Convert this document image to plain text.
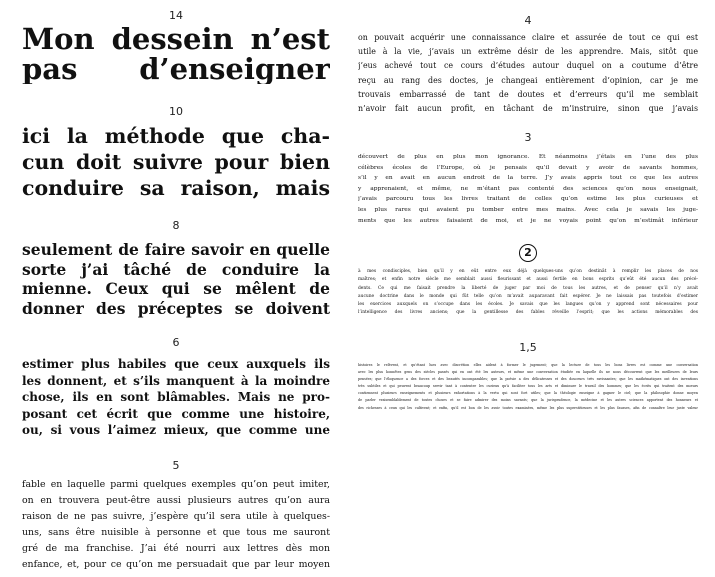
14
Mon dessein n’est
pas d’enseigner
10
ici la méthode que cha-
cun doit suivre pour bien
conduire sa raison, mais
8
seulement de faire savoir en quelle
sorte j’ai tâché de conduire la
mienne. Ceux qui se mêlent de
donner des préceptes se doivent
6
estimer plus habiles que ceux auxquels ils
les donnent, et s’ils manquent à la moindre
chose, ils en sont blâmables. Mais ne pro-
posant cet écrit que comme une histoire,
ou, si vous l’aimez mieux, que comme une
5
fable en laquelle parmi quelques exemples qu’on peut imiter,
on en trouvera peut-être aussi plusieurs autres qu’on aura
raison de ne pas suivre, j’espère qu’il sera utile à quelques-
uns, sans être nuisible à personne et que tous me sauront
gré de ma franchise. J’ai été nourri aux lettres dès mon
enfance, et, pour ce qu’on me persuadait que par leur moyen
4
on pouvait acquérir une connaissance claire et assurée de tout ce qui est
utile à la vie, j’avais un extrême désir de les apprendre. Mais, sitôt que
j’eus achevé tout ce cours d’études autour duquel on a coutume d’être
reçu au rang des doctes, je changeai entièrement d’opinion, car je me
trouvais embarrassé de tant de doutes et d’erreurs qu’il me semblait
n’avoir fait aucun profit, en tâchant de m’instruire, sinon que j’avais
3
découvert de plus en plus mon ignorance. Et néanmoins j’étais en l’une des plus
célèbres écoles de l’Europe, où je pensais qu’il devait y avoir de savants hommes,
s’il y en avait en aucun endroit de la terre. J’y avais appris tout ce que les autres
y apprenaient, et même, ne m’étant pas contenté des sciences qu’on nous enseignait,
j’avais parcouru tous les livres traitant de celles qu’on estime les plus curieuses et
les plus rares qui avaient pu tomber entre mes mains. Avec cela je savais les juge-
ments que les autres faisaient de moi, et je ne voyais point qu’on m’estimât inférieur
2
à mes condisciples, bien qu’il y en eût entre eux déjà quelques-uns qu’on destinât à remplir les places de nos
maîtres; et enfin notre siècle me semblait aussi fleurissant et aussi fertile en bons esprits qu’eût été aucun des précé-
dents. Ce qui me faisait prendre la liberté de juger par moi de tous les autres, et de penser qu’il n’y avait
aucune doctrine dans le monde qui fût telle qu’on m’avait auparavant fait espérer. Je ne laissais pas toutefois d’estimer
les exercices auxquels on s’occupe dans les écoles. Je savais que les langues qu’on y apprend sont nécessaires pour
l’intelligence des livres anciens; que la gentillesse des fables réveille l’esprit; que les actions mémorables des
1,5
histoires le relèvent, et qu’étant lues avec discrétion elles aident à former le jugement; que la lecture de tous les bons livres est comme une conversation
avec les plus honnêtes gens des siècles passés qui en ont été les auteurs, et même une conversation étudiée en laquelle ils ne nous découvrent que les meilleures de leurs
pensées; que l’éloquence a des forces et des beautés incomparables; que la poésie a des délicatesses et des douceurs très ravissantes; que les mathématiques ont des inventions
très subtiles et qui peuvent beaucoup servir tant à contenter les curieux qu’à faciliter tous les arts et diminuer le travail des hommes; que les écrits qui traitent des mœurs
contiennent plusieurs enseignements et plusieurs exhortations à la vertu qui sont fort utiles; que la théologie enseigne à gagner le ciel; que la philosophie donne moyen
de parler vraisemblablement de toutes choses et se faire admirer des moins savants; que la jurisprudence, la médecine et les autres sciences apportent des honneurs et
des richesses à ceux qui les cultivent; et enfin, qu’il est bon de les avoir toutes examinées, même les plus superstitieuses et les plus fausses, afin de connaître leur juste valeur
